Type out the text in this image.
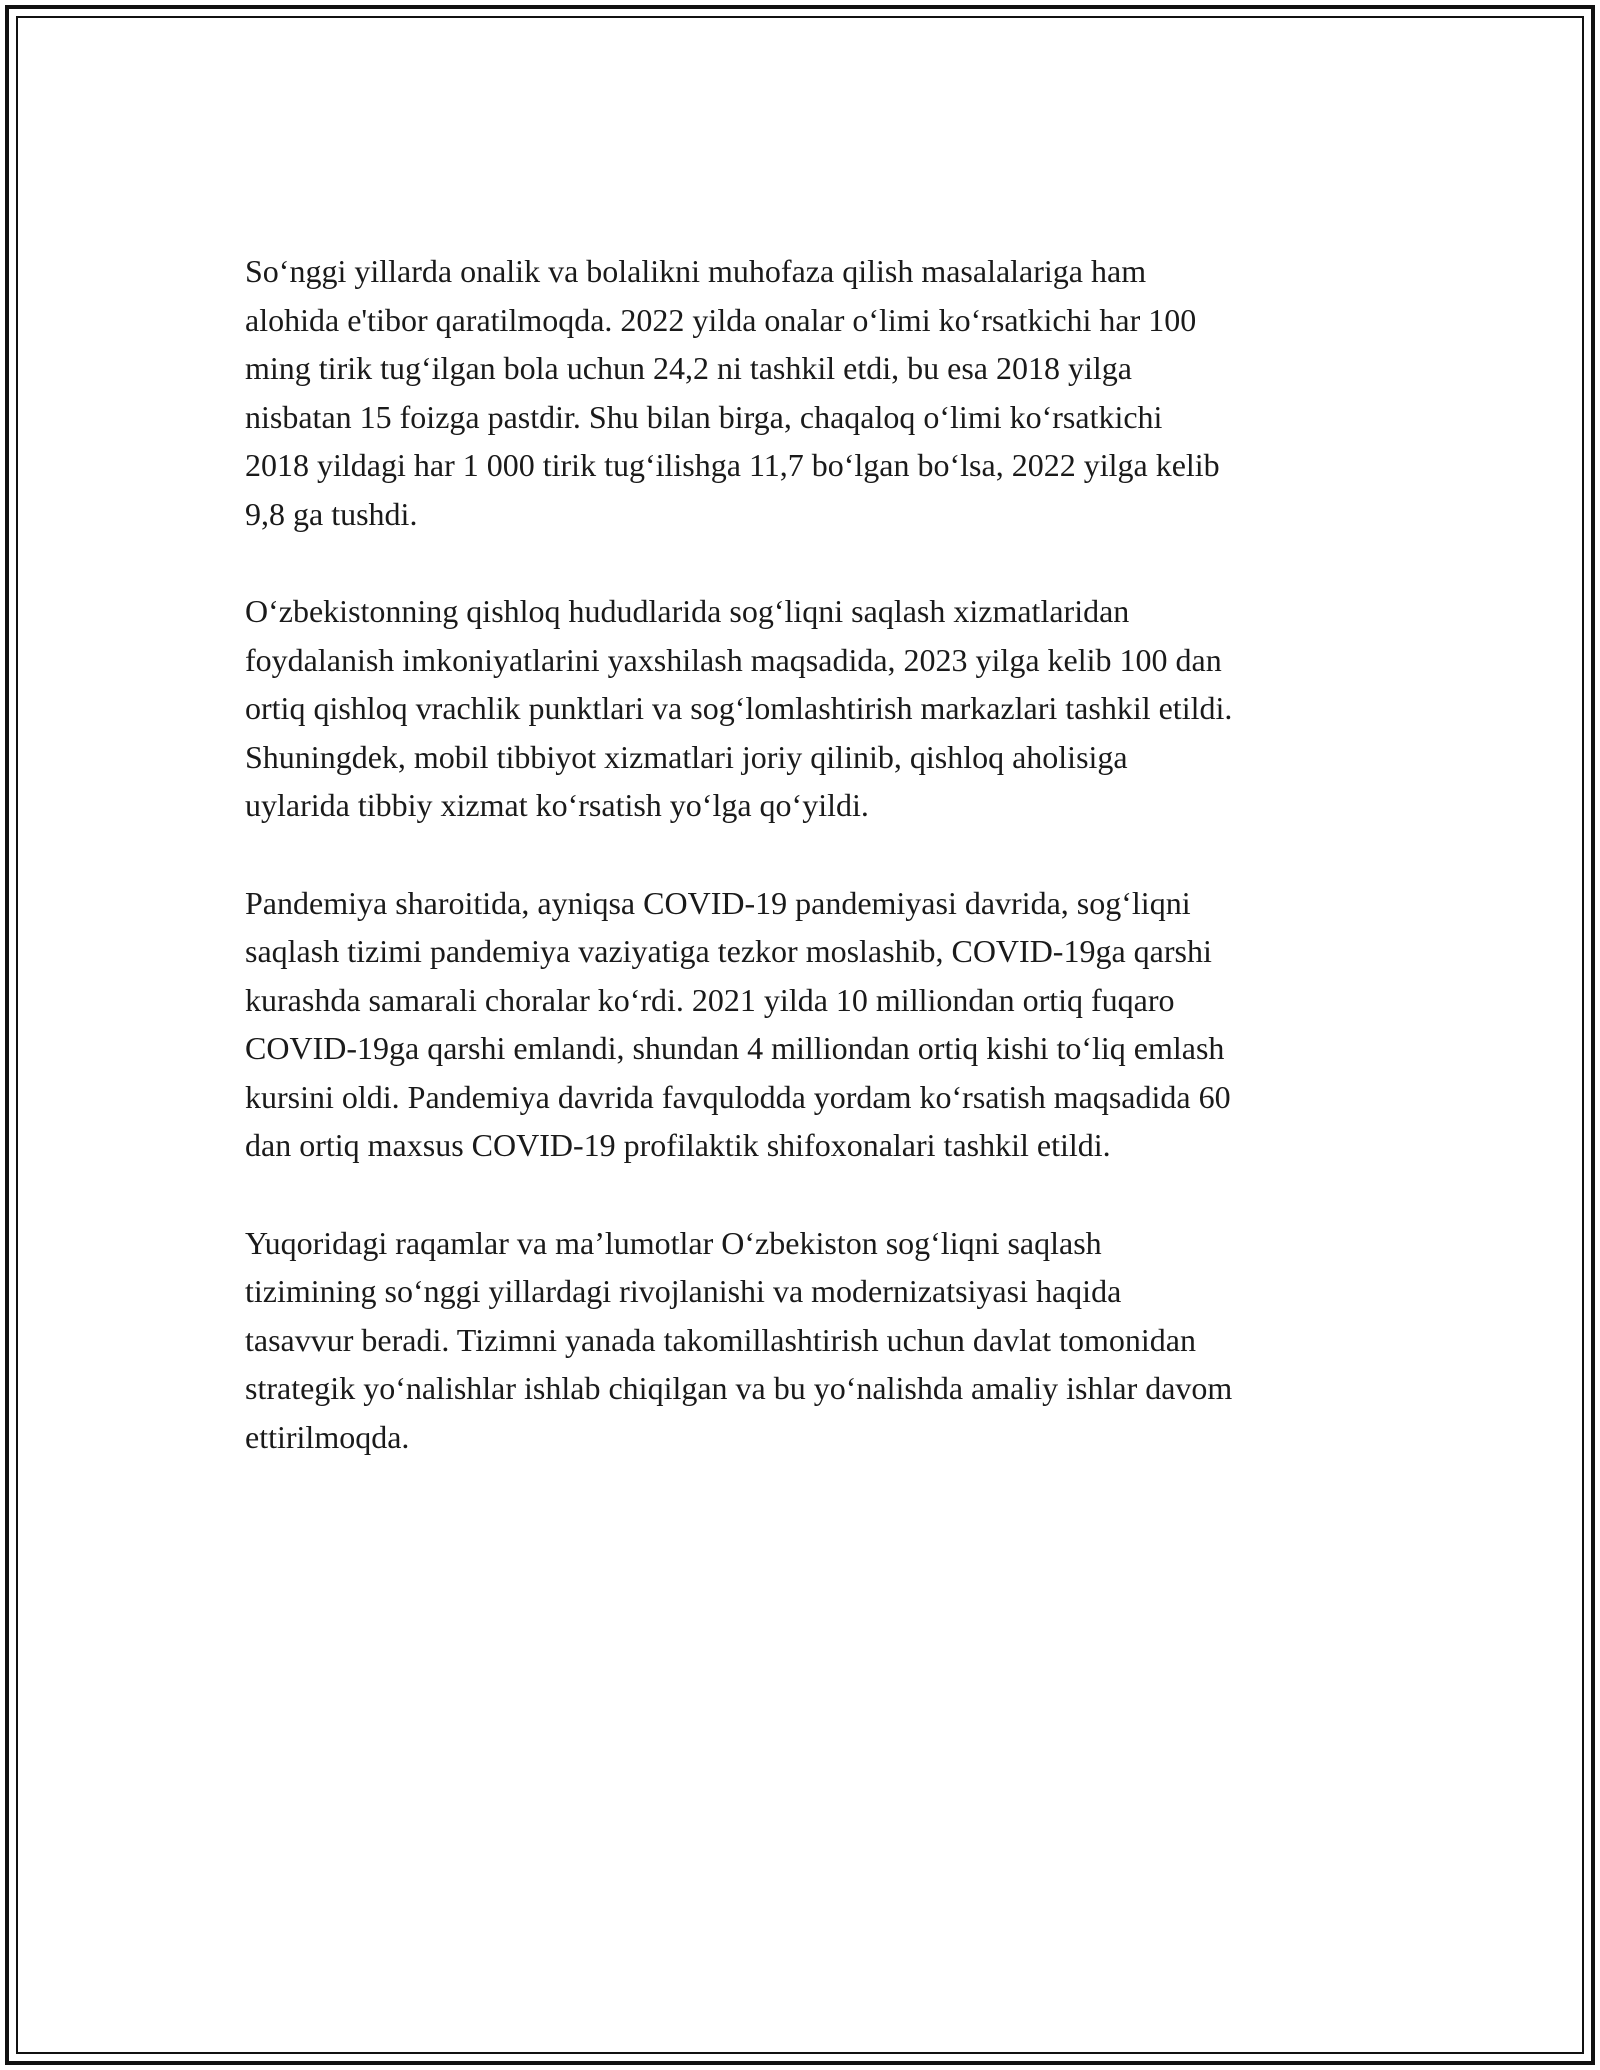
So‘nggi yillarda onalik va bolalikni muhofaza qilish masalalariga ham
alohida e'tibor qaratilmoqda. 2022 yilda onalar o‘limi ko‘rsatkichi har 100
ming tirik tug‘ilgan bola uchun 24,2 ni tashkil etdi, bu esa 2018 yilga
nisbatan 15 foizga pastdir. Shu bilan birga, chaqaloq o‘limi ko‘rsatkichi
2018 yildagi har 1 000 tirik tug‘ilishga 11,7 bo‘lgan bo‘lsa, 2022 yilga kelib
9,8 ga tushdi.

O‘zbekistonning qishloq hududlarida sog‘liqni saqlash xizmatlaridan
foydalanish imkoniyatlarini yaxshilash maqsadida, 2023 yilga kelib 100 dan
ortiq qishloq vrachlik punktlari va sog‘lomlashtirish markazlari tashkil etildi.
Shuningdek, mobil tibbiyot xizmatlari joriy qilinib, qishloq aholisiga
uylarida tibbiy xizmat ko‘rsatish yo‘lga qo‘yildi.

Pandemiya sharoitida, ayniqsa COVID-19 pandemiyasi davrida, sog‘liqni
saqlash tizimi pandemiya vaziyatiga tezkor moslashib, COVID-19ga qarshi
kurashda samarali choralar ko‘rdi. 2021 yilda 10 milliondan ortiq fuqaro
COVID-19ga qarshi emlandi, shundan 4 milliondan ortiq kishi to‘liq emlash
kursini oldi. Pandemiya davrida favqulodda yordam ko‘rsatish maqsadida 60
dan ortiq maxsus COVID-19 profilaktik shifoxonalari tashkil etildi.

Yuqoridagi raqamlar va ma’lumotlar O‘zbekiston sog‘liqni saqlash
tizimining so‘nggi yillardagi rivojlanishi va modernizatsiyasi haqida
tasavvur beradi. Tizimni yanada takomillashtirish uchun davlat tomonidan
strategik yo‘nalishlar ishlab chiqilgan va bu yo‘nalishda amaliy ishlar davom
ettirilmoqda.
